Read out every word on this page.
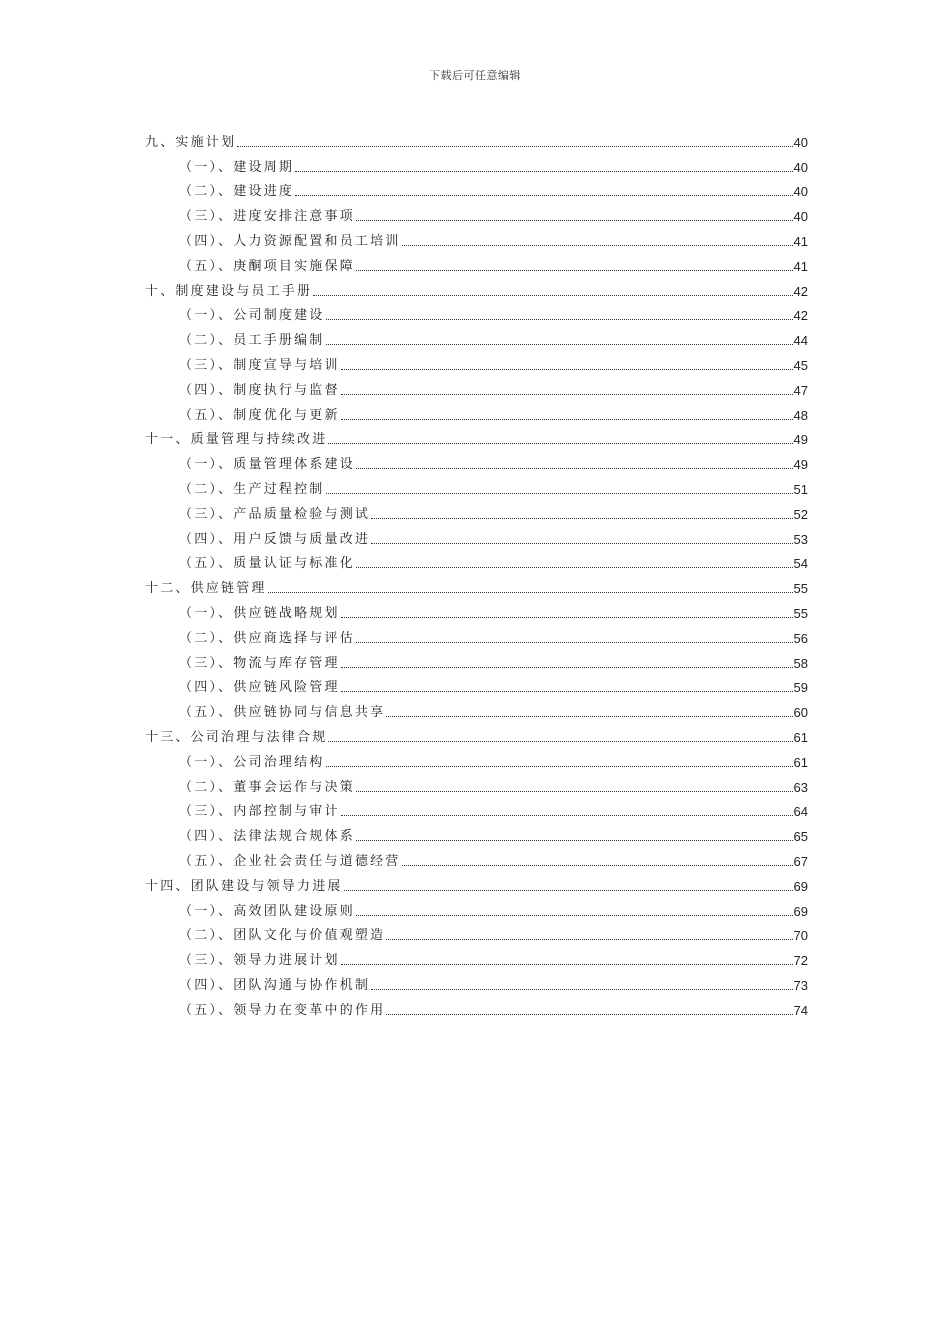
下载后可任意编辑
九、实施计划	40
（一）、建设周期	40
（二）、建设进度	40
（三）、进度安排注意事项	40
（四）、人力资源配置和员工培训	41
（五）、庚酮项目实施保障	41
十、制度建设与员工手册	42
（一）、公司制度建设	42
（二）、员工手册编制	44
（三）、制度宣导与培训	45
（四）、制度执行与监督	47
（五）、制度优化与更新	48
十一、质量管理与持续改进	49
（一）、质量管理体系建设	49
（二）、生产过程控制	51
（三）、产品质量检验与测试	52
（四）、用户反馈与质量改进	53
（五）、质量认证与标准化	54
十二、供应链管理	55
（一）、供应链战略规划	55
（二）、供应商选择与评估	56
（三）、物流与库存管理	58
（四）、供应链风险管理	59
（五）、供应链协同与信息共享	60
十三、公司治理与法律合规	61
（一）、公司治理结构	61
（二）、董事会运作与决策	63
（三）、内部控制与审计	64
（四）、法律法规合规体系	65
（五）、企业社会责任与道德经营	67
十四、团队建设与领导力进展	69
（一）、高效团队建设原则	69
（二）、团队文化与价值观塑造	70
（三）、领导力进展计划	72
（四）、团队沟通与协作机制	73
（五）、领导力在变革中的作用	74
